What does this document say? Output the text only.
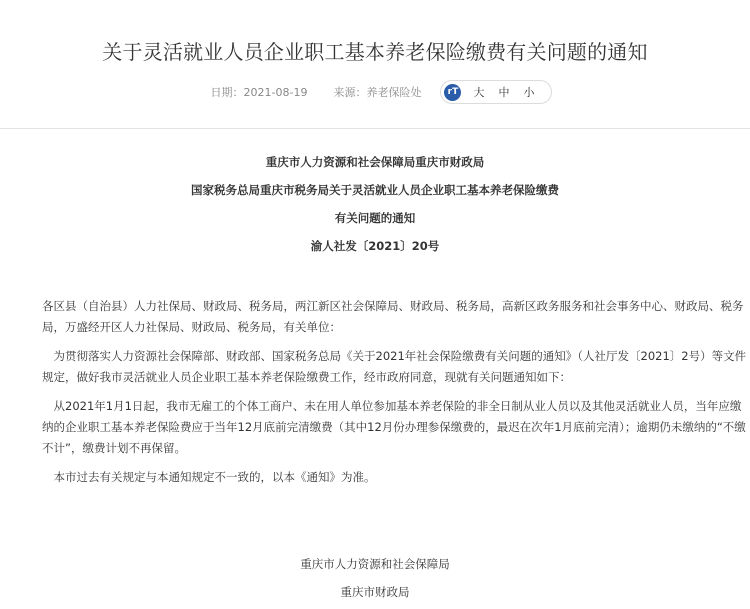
关于灵活就业人员企业职工基本养老保险缴费有关问题的通知
日期：2021-08-19 来源：养老保险处	rT 大 中 小
重庆市人力资源和社会保障局重庆市财政局
国家税务总局重庆市税务局关于灵活就业人员企业职工基本养老保险缴费
有关问题的通知
渝人社发〔2021〕20号

各区县（自治县）人力社保局、财政局、税务局，两江新区社会保障局、财政局、税务局，高新区政务服务和社会事务中心、财政局、税务局，万盛经开区人力社保局、财政局、税务局，有关单位：

为贯彻落实人力资源社会保障部、财政部、国家税务总局《关于2021年社会保险缴费有关问题的通知》（人社厅发〔2021〕2号）等文件规定，做好我市灵活就业人员企业职工基本养老保险缴费工作，经市政府同意，现就有关问题通知如下：

从2021年1月1日起，我市无雇工的个体工商户、未在用人单位参加基本养老保险的非全日制从业人员以及其他灵活就业人员，当年应缴纳的企业职工基本养老保险费应于当年12月底前完清缴费（其中12月份办理参保缴费的，最迟在次年1月底前完清）；逾期仍未缴纳的“不缴不计”，缴费计划不再保留。

本市过去有关规定与本通知规定不一致的，以本《通知》为准。

重庆市人力资源和社会保障局
重庆市财政局
